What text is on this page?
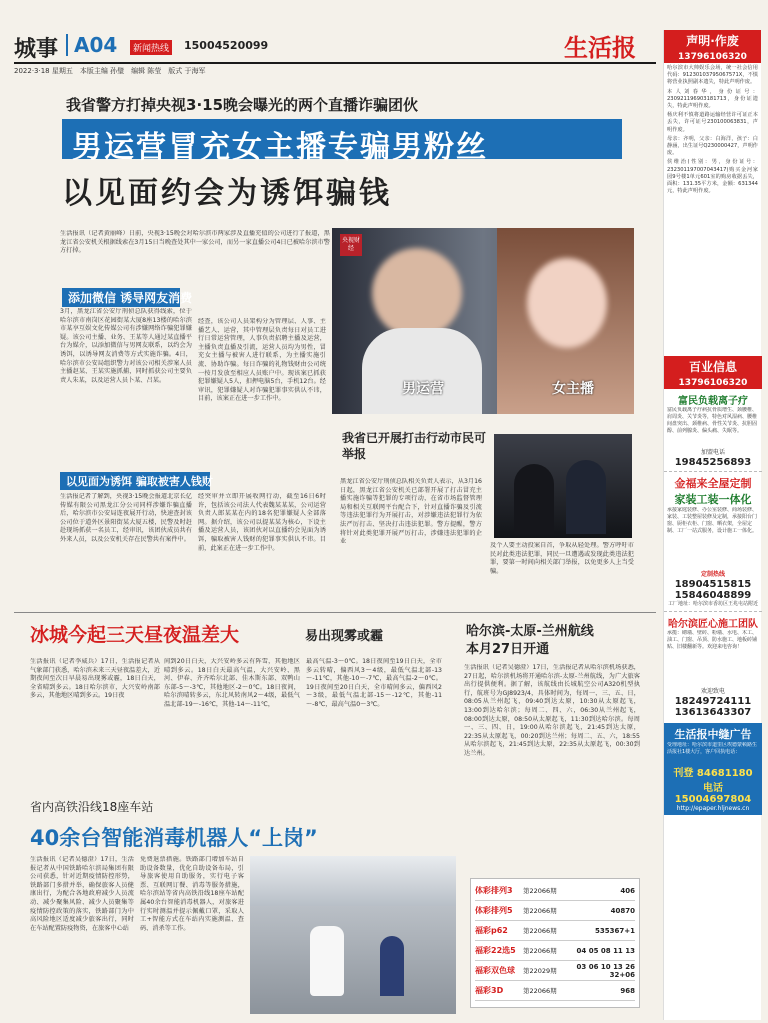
城事 A04	新闻热线 15004520099	生活报
2022·3·18 星期五　本版主编 孙璧　编辑 陈莹　版式 于海军
我省警方打掉央视3·15晚会曝光的两个直播诈骗团伙
男运营冒充女主播专骗男粉丝
以见面约会为诱饵骗钱
生活报讯（记者黄丽峰）日前，央视3·15晚会对哈尔滨市两家涉及直播充值的公司进行了报道，黑龙江省公安机关根据线索在3月15日当晚查处其中一家公司，而另一家直播公司4日已被哈尔滨市警方打掉。
添加微信 诱导网友消费
3月，黑龙江省公安厅刑侦总队获得线索，位于哈尔滨市南岗区花园街某大厦8座13楼的哈尔滨市某享互娱文化传媒公司有涉嫌网络诈骗犯罪嫌疑。该公司主播、业务、王某等人通过某直播平台为媒介，以添加微信与男网友联系，以约会为诱饵，以诱导网友消费等方式实施诈骗。4日，哈尔滨市公安局组织警力对该公司相关涉案人员主播赵某、王某实施抓捕，同时抓获公司主要负责人朱某，以及运营人员卜某、吕某。
经查，该公司人员架构分为管理层、人事、主播艺人、运营，其中管理层负责每日对员工进行日常运营管理，人事负责招聘主播及运营，主播负责直播及引流，运营人员均为男性，冒充女主播与被害人进行联系，为主播实施引流、协助诈骗。每日诈骗的礼物钱财由公司统一按月发放至相应人员账户中。现该案已抓获犯罪嫌疑人5人，扣押电脑5台，手机12台。经审讯，犯罪嫌疑人对诈骗犯罪事实供认不讳，目前，该案正在进一步工作中。
以见面为诱饵 骗取被害人钱财
生活报记者了解到，央视3·15晚会报道北京长亿传媒有限公司黑龙江分公司同样涉嫌诈骗直播后，哈尔滨市公安局连夜展开行动，快速查封该公司位于道外区景阳街某大厦五楼，民警及时赶赴现场抓获一名员工，经审讯，该团伙成员共有外来人员，以及公安机关存在民警共有案件中。
经突审并立即开展收网行动，截至16日6时许，包括该公司法人代表魏某某某，公司运营负责人郎某某在内的18名犯罪嫌疑人全部落网。据介绍，该公司以提某某为核心，下设主播及运营人员，该团伙对以直播约会见面为诱饵，骗取被害人钱财的犯罪事实供认不讳。目前，此案正在进一步工作中。
央视财经
男运营	女主播
我省已开展打击行动市民可举报
黑龙江省公安厅刑侦总队相关负责人表示，从3月16日起，黑龙江省公安机关已部署开展了打击冒充主播实施诈骗等犯罪的专项行动，在省市场监督管理局和相关互联网平台配合下，针对直播诈骗及引流等违法犯罪行为开展打击，对涉嫌违法犯罪行为依法严厉打击、坚决打击违法犯罪。警方提醒，警方将针对此类犯罪开展严厉打击，涉嫌违法犯罪的企业
及个人要主动投案自首，争取从轻处理。警方呼吁市民对此类违法犯罪，同民一旦遭遇或发现此类违法犯罪，要第一时间向相关部门举报，以免更多人上当受骗。
冰城今起三天昼夜温差大	易出现雾或霾
生活报讯（记者李威兵）17日，生活报记者从气象部门获悉，哈尔滨未来三天昼夜温差大，近期夜间至次日早晨易出现雾或霾，18日白天，全省晴到多云。18日哈尔滨市，大兴安岭南部多云，其他地区晴到多云。19日夜
间到20日白天，大兴安岭多云有阵雪，其他地区晴到多云。18日白天最高气温，大兴安岭、黑河、伊春、齐齐哈尔北部、佳木斯东部、双鸭山东部-5～-3℃，其他地区-2～0℃。18日夜间，哈尔滨晴转多云，东北风转南风2～4级，最低气温北部-19～-16℃，其他-14～-11℃，
最高气温-3～0℃。18日夜间至19日白天，全市多云转晴，偏西风3～4级，最低气温北部-13～-11℃，其他-10～-7℃，最高气温-2～0℃。19日夜间至20日白天，全市晴间多云，偏西风2～3级，最低气温北部-15～-12℃，其他-11～-8℃，最高气温0～3℃。
哈尔滨-太原-兰州航线
本月27日开通
生活报讯（记者吴德澄）17日，生活报记者从哈尔滨机场获悉，27日起，哈尔滨机场将开通哈尔滨-太原-兰州航线，为广大旅客出行提供便利。据了解，该航线由长城航空公司A320机型执行，航班号为GJ8923/4，具体时间为，每周一、三、五、日，08:05从兰州起飞，09:40到达太原，10:30从太原起飞，13:00到达哈尔滨；每周二、四、六，06:30从兰州起飞，08:00到达太原，08:50从太原起飞，11:30到达哈尔滨。每周一、三、四、日，19:00从哈尔滨起飞，21:45到达太原，22:35从太原起飞，00:20到达兰州；每周二、五、六，18:55从哈尔滨起飞，21:45到达太原，22:35从太原起飞，00:30到达兰州。
省内高铁沿线18座车站
40余台智能消毒机器人“上岗”
生活报讯（记者吴德澄）17日，生活报记者从中国铁路哈尔滨局集团有限公司获悉，针对近期疫情防控形势，铁路部门多措并举，确保旅客人员健康出行，为配合各地政府减少人员流动、减少聚集风险、减少人员聚集等疫情防控政策的落实，铁路部门为中高风险地区适度减少旅客出行，同时在车站配置防疫物资，在旅客中心站
免费退票措施。铁路部门增加车站自助设备数量，优化自助设备布局，引导旅客使用自助服务，实行电子客票、互联网订餐、消毒等服务措施，哈尔滨站等省内高铁沿线18座车站配属40余台智能消毒机器人，对旅客进行实时测温并提示佩戴口罩，采取人工+智能方式在车站内实施测温、查码、消杀等工作。
体彩排列3	第22066期	406
体彩排列5	第22066期	40870
福彩p62	第22066期	535367+1
福彩22选5	第22066期	04 05 08 11 13
福彩双色球	第22029期
03 06 10 13 26 32+06
福彩3D	第22066期	968
声明·作废
13796106320
哈尔滨市大帅娱乐会场，统一社会信用代码：91230103795067571X，不慎将营业执照副本遗失，特此声明作废。
本人刘春华，身份证号：230921196903181713，身份证遗失，特此声明作废。
杨庆利不慎将道路运输经营许可证正本丢失，许可证号230100063831，声明作废。
母亲：齐明，父亲：白海洋，孩子：白静涵，出生证号Q230000427，声明作废。
侯维治(性别：男，身份证号：232301197007043417)购买金河家园9号楼1单元601室的购房收据丢失，面积：131.35平方米，金额：631344元，特此声明作废。
百业信息
13796106320
富民负载离子疗
富民负载离子疗病抗骨质增生、颈腰椎、肩周炎、关节炎等，特色对风湿病、腰椎间盘突出、颈椎病、骨性关节炎、抗胆固醇、前列腺炎、偏头痛、失眠等。
加盟电话
19845256893
金福来全屋定制
家装工装一体化
承接家庭装修、办公室装修、商场装修、家装、工装整屋装修及定制，承接阳台门窗、厨柜衣柜、门窗、晒衣架，全屋定制、工厂一站式服务，设计施工一体化。
定制热线
18904515815
15846048899
工厂地址：哈尔滨市香坊区王兆屯站附近
哈尔滨匠心施工团队
承揽：砌墙、壁砖、粉墙、水电、木工、油工、门窗、吊顶、防水施工、地板砖铺贴、旧楼翻新等。欢迎来电咨询！
欢迎致电
18249724111
13613643307
生活报中缝广告
受理地址：哈尔滨市道里区埃德蒙顿路生活报社1楼大厅，客户回执电话：
刊登 84681180
电话 15004697804
http://epaper.hljnews.cn
